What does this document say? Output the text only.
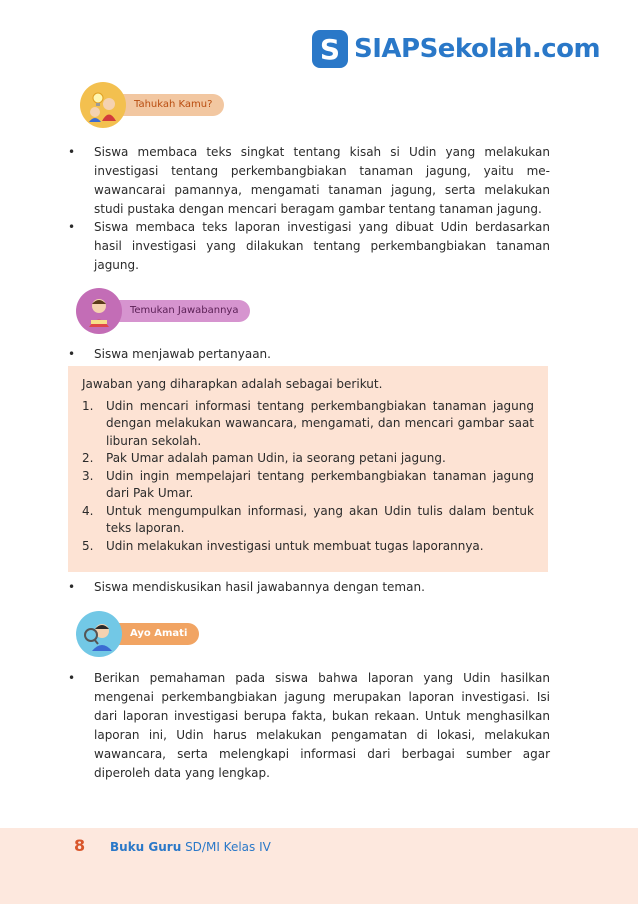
S SIAPSekolah.com
Tahukah Kamu?
• Siswa membaca teks singkat tentang kisah si Udin yang melakukan investigasi tentang perkembangbiakan tanaman jagung, yaitu me-wawancarai pamannya, mengamati tanaman jagung, serta melakukan studi pustaka dengan mencari beragam gambar tentang tanaman jagung.
• Siswa membaca teks laporan investigasi yang dibuat Udin berdasarkan hasil investigasi yang dilakukan tentang perkembangbiakan tanaman jagung.
Temukan Jawabannya
• Siswa menjawab pertanyaan.
Jawaban yang diharapkan adalah sebagai berikut.
1. Udin mencari informasi tentang perkembangbiakan tanaman jagung dengan melakukan wawancara, mengamati, dan mencari gambar saat liburan sekolah.
2. Pak Umar adalah paman Udin, ia seorang petani jagung.
3. Udin ingin mempelajari tentang perkembangbiakan tanaman jagung dari Pak Umar.
4. Untuk mengumpulkan informasi, yang akan Udin tulis dalam bentuk teks laporan.
5. Udin melakukan investigasi untuk membuat tugas laporannya.
• Siswa mendiskusikan hasil jawabannya dengan teman.
Ayo Amati
• Berikan pemahaman pada siswa bahwa laporan yang Udin hasilkan mengenai perkembangbiakan jagung merupakan laporan investigasi. Isi dari laporan investigasi berupa fakta, bukan rekaan. Untuk menghasilkan laporan ini, Udin harus melakukan pengamatan di lokasi, melakukan wawancara, serta melengkapi informasi dari berbagai sumber agar diperoleh data yang lengkap.
8 Buku Guru SD/MI Kelas IV
